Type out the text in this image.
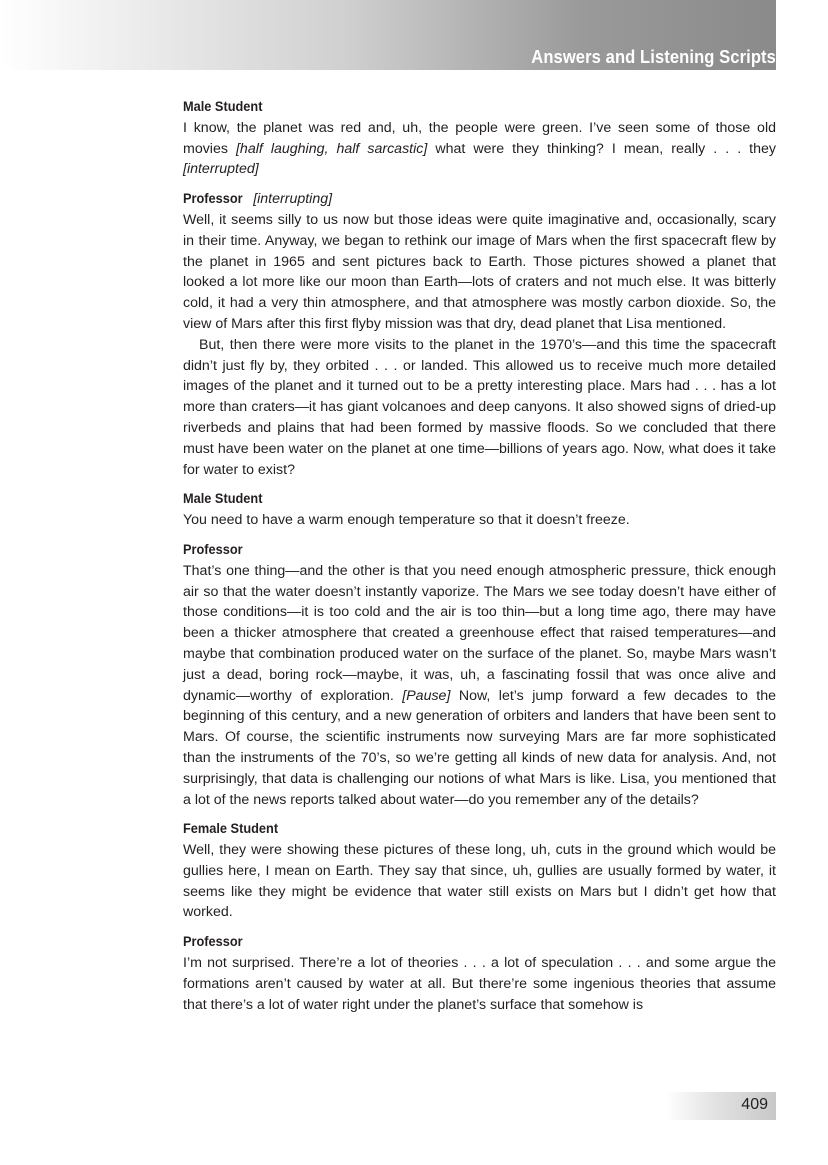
Answers and Listening Scripts
Male Student

I know, the planet was red and, uh, the people were green. I’ve seen some of those old movies [half laughing, half sarcastic] what were they thinking? I mean, really . . . they [interrupted]

Professor [interrupting]

Well, it seems silly to us now but those ideas were quite imaginative and, occasionally, scary in their time. Anyway, we began to rethink our image of Mars when the first spacecraft flew by the planet in 1965 and sent pictures back to Earth. Those pictures showed a planet that looked a lot more like our moon than Earth—lots of craters and not much else. It was bitterly cold, it had a very thin atmosphere, and that atmosphere was mostly carbon dioxide. So, the view of Mars after this first flyby mission was that dry, dead planet that Lisa mentioned.

But, then there were more visits to the planet in the 1970’s—and this time the spacecraft didn’t just fly by, they orbited . . . or landed. This allowed us to receive much more detailed images of the planet and it turned out to be a pretty interesting place. Mars had . . . has a lot more than craters—it has giant volcanoes and deep canyons. It also showed signs of dried-up riverbeds and plains that had been formed by massive floods. So we concluded that there must have been water on the planet at one time—billions of years ago. Now, what does it take for water to exist?

Male Student

You need to have a warm enough temperature so that it doesn’t freeze.

Professor

That’s one thing—and the other is that you need enough atmospheric pressure, thick enough air so that the water doesn’t instantly vaporize. The Mars we see today doesn’t have either of those conditions—it is too cold and the air is too thin—but a long time ago, there may have been a thicker atmosphere that created a greenhouse effect that raised temperatures—and maybe that combination produced water on the surface of the planet. So, maybe Mars wasn’t just a dead, boring rock—maybe, it was, uh, a fascinating fossil that was once alive and dynamic—worthy of exploration. [Pause] Now, let’s jump forward a few decades to the beginning of this century, and a new generation of orbiters and landers that have been sent to Mars. Of course, the scientific instruments now surveying Mars are far more sophisticated than the instruments of the 70’s, so we’re getting all kinds of new data for analysis. And, not surprisingly, that data is challenging our notions of what Mars is like. Lisa, you mentioned that a lot of the news reports talked about water—do you remember any of the details?

Female Student

Well, they were showing these pictures of these long, uh, cuts in the ground which would be gullies here, I mean on Earth. They say that since, uh, gullies are usually formed by water, it seems like they might be evidence that water still exists on Mars but I didn’t get how that worked.

Professor

I’m not surprised. There’re a lot of theories . . . a lot of speculation . . . and some argue the formations aren’t caused by water at all. But there’re some ingenious theories that assume that there’s a lot of water right under the planet’s surface that somehow is

409
